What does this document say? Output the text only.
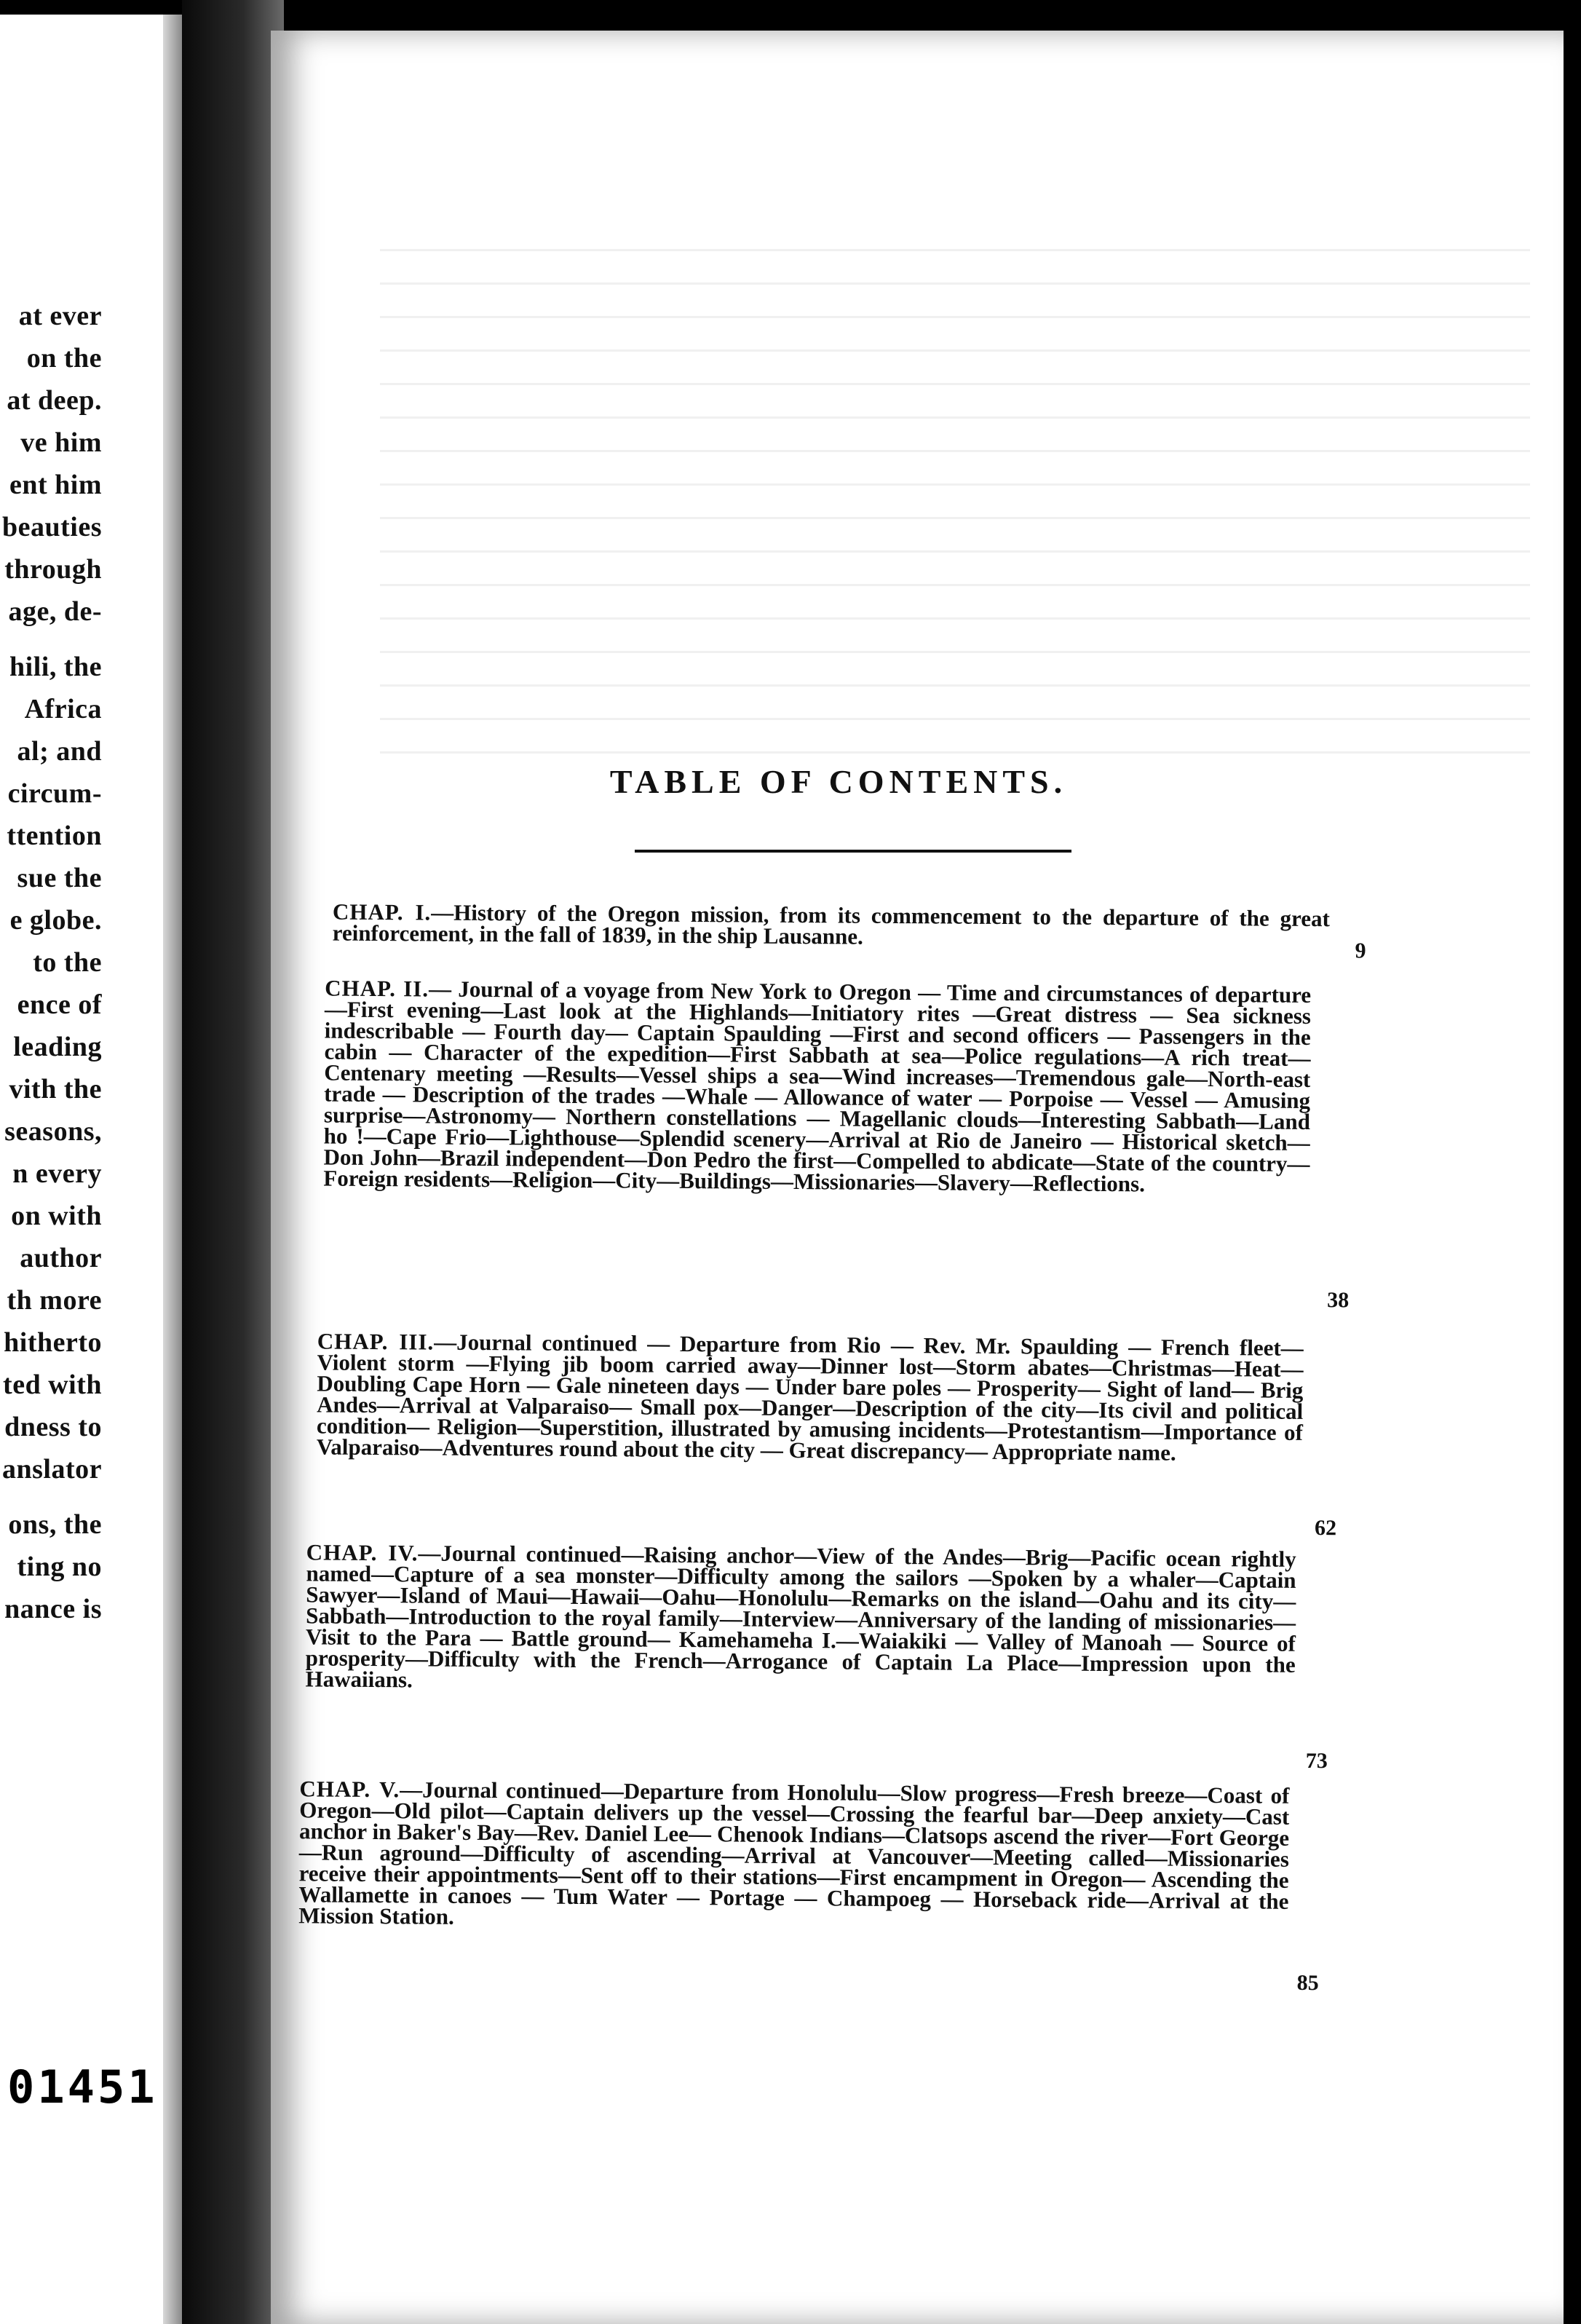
at ever
on the
at deep.
ve him
ent him
beauties
through
age, de-
hili, the
Africa
al; and
circum-
ttention
sue the
e globe.
to the
ence of
leading
vith the
seasons,
n every
on with
author
th more
hitherto
ted with
dness to
anslator
ons, the
ting no
nance is
01451
TABLE OF CONTENTS.

CHAP. I.—History of the Oregon mission, from its commencement to the departure of the great reinforcement, in the fall of 1839, in the ship Lausanne.

9

CHAP. II.— Journal of a voyage from New York to Oregon — Time and circumstances of departure—First evening—Last look at the Highlands—Initiatory rites —Great distress — Sea sickness indescribable — Fourth day— Captain Spaulding —First and second officers — Passengers in the cabin — Character of the expedition—First Sabbath at sea—Police regulations—A rich treat—Centenary meeting —Results—Vessel ships a sea—Wind increases—Tremendous gale—North-east trade — Description of the trades —Whale — Allowance of water — Porpoise — Vessel — Amusing surprise—Astronomy— Northern constellations — Magellanic clouds—Interesting Sabbath—Land ho !—Cape Frio—Lighthouse—Splendid scenery—Arrival at Rio de Janeiro — Historical sketch—Don John—Brazil independent—Don Pedro the first—Compelled to abdicate—State of the country—Foreign residents—Religion—City—Buildings—Missionaries—Slavery—Reflections.

38

CHAP. III.—Journal continued — Departure from Rio — Rev. Mr. Spaulding — French fleet—Violent storm —Flying jib boom carried away—Dinner lost—Storm abates—Christmas—Heat—Doubling Cape Horn — Gale nineteen days — Under bare poles — Prosperity— Sight of land— Brig Andes—Arrival at Valparaiso— Small pox—Danger—Description of the city—Its civil and political condition— Religion—Superstition, illustrated by amusing incidents—Protestantism—Importance of Valparaiso—Adventures round about the city — Great discrepancy— Appropriate name.

62

CHAP. IV.—Journal continued—Raising anchor—View of the Andes—Brig—Pacific ocean rightly named—Capture of a sea monster—Difficulty among the sailors —Spoken by a whaler—Captain Sawyer—Island of Maui—Hawaii—Oahu—Honolulu—Remarks on the island—Oahu and its city—Sabbath—Introduction to the royal family—Interview—Anniversary of the landing of missionaries—Visit to the Para — Battle ground— Kamehameha I.—Waiakiki — Valley of Manoah — Source of prosperity—Difficulty with the French—Arrogance of Captain La Place—Impression upon the Hawaiians.

73

CHAP. V.—Journal continued—Departure from Honolulu—Slow progress—Fresh breeze—Coast of Oregon—Old pilot—Captain delivers up the vessel—Crossing the fearful bar—Deep anxiety—Cast anchor in Baker's Bay—Rev. Daniel Lee— Chenook Indians—Clatsops ascend the river—Fort George—Run aground—Difficulty of ascending—Arrival at Vancouver—Meeting called—Missionaries receive their appointments—Sent off to their stations—First encampment in Oregon— Ascending the Wallamette in canoes — Tum Water — Portage — Champoeg — Horseback ride—Arrival at the Mission Station.

85
